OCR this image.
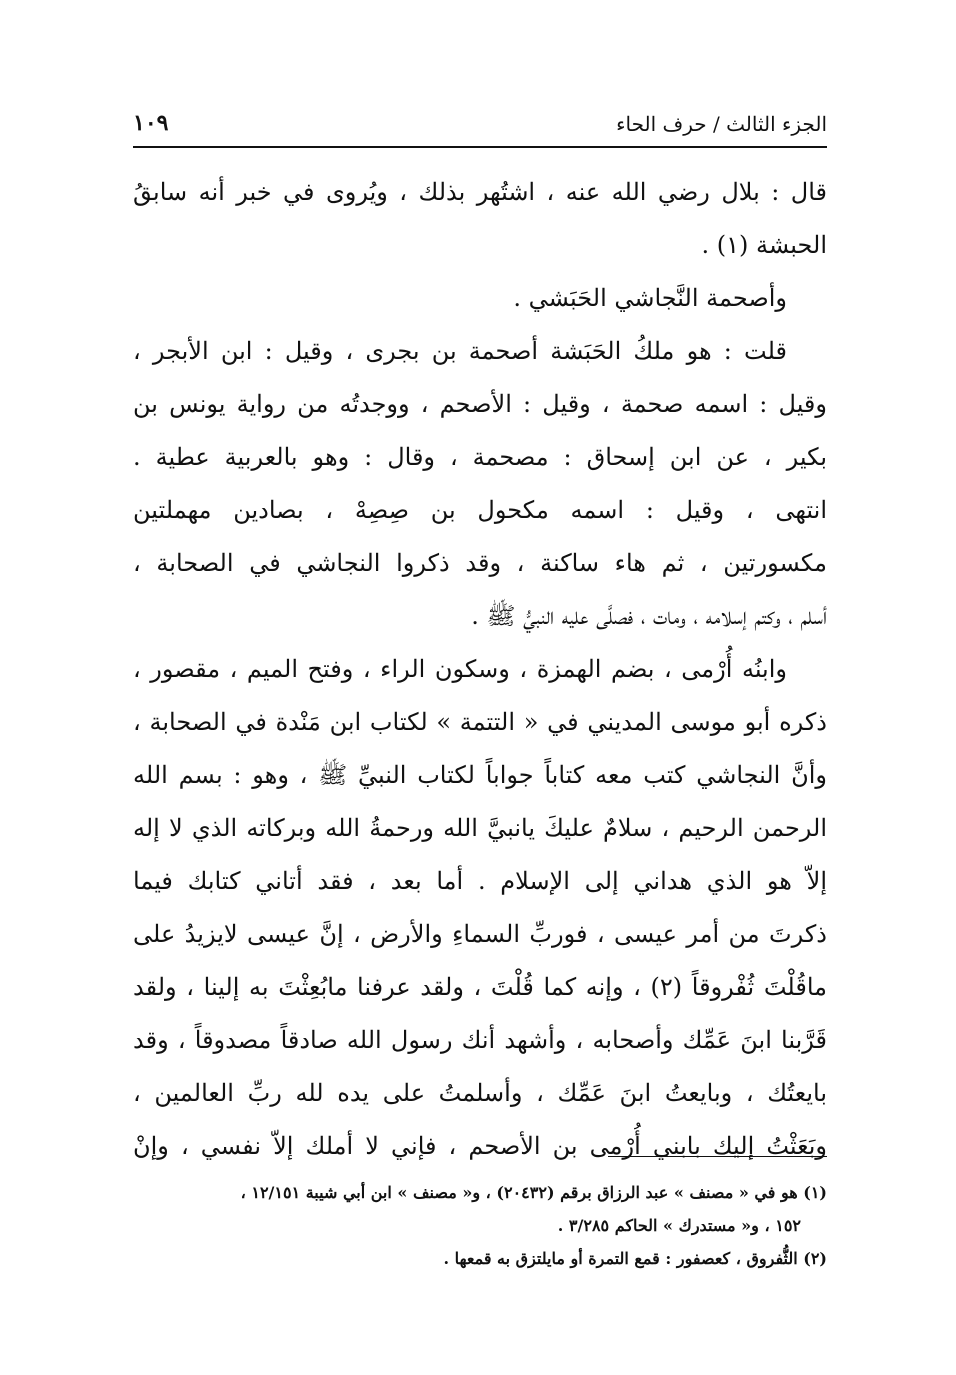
الجزء الثالث / حرف الحاء
١٠٩
قال : بلال رضي الله عنه ، اشتُهر بذلك ، ويُروى في خبر أنه سابقُ
الحبشة (١) .
وأصحمة النَّجاشي الحَبَشي .
قلت : هو ملكُ الحَبَشة أصحمة بن بجرى ، وقيل : ابن الأبجر ،
وقيل : اسمه صحمة ، وقيل : الأصحم ، ووجدتُه من رواية يونس بن
بكير ، عن ابن إسحاق : مصحمة ، وقال : وهو بالعربية عطية .
انتهى ، وقيل : اسمه مكحول بن صِصِهْ ، بصادين مهملتين
مكسورتين ، ثم هاء ساكنة ، وقد ذكروا النجاشي في الصحابة ،
أسلم ، وكتم إسلامه ، ومات ، فصلَّى عليه النبيُّ ﷺ .
وابنُه أُرْمى ، بضم الهمزة ، وسكون الراء ، وفتح الميم ، مقصور ،
ذكره أبو موسى المديني في « التتمة » لكتاب ابن مَنْدة في الصحابة ،
وأنَّ النجاشي كتب معه كتاباً جواباً لكتاب النبيِّ ﷺ ، وهو : بسم الله
الرحمن الرحيم ، سلامٌ عليكَ يانبيَّ الله ورحمةُ الله وبركاته الذي لا إله
إلاّ هو الذي هداني إلى الإسلام . أما بعد ، فقد أتاني كتابك فيما
ذكرتَ من أمر عيسى ، فوربِّ السماءِ والأرض ، إنَّ عيسى لايزيدُ على
ماقُلْتَ ثُفْروقاً (٢) ، وإنه كما قُلْتَ ، ولقد عرفنا مابُعِثْتَ به إلينا ، ولقد
قَرَّبنا ابنَ عَمِّك وأصحابه ، وأشهد أنك رسول الله صادقاً مصدوقاً ، وقد
بايعتُك ، وبايعتُ ابنَ عَمِّك ، وأسلمتُ على يده لله ربِّ العالمين ،
وبَعَثْتُ إليك بابني أُرْمى بن الأصحم ، فإني لا أملك إلاّ نفسي ، وإنْ
(١) هو في « مصنف » عبد الرزاق برقم (٢٠٤٣٢) ، و« مصنف » ابن أبي شيبة ١٢/١٥١ ،
١٥٢ ، و« مستدرك » الحاكم ٣/٢٨٥ .
(٢) الثُّفروق ، كعصفور : قمع التمرة أو مايلتزق به قمعها .
